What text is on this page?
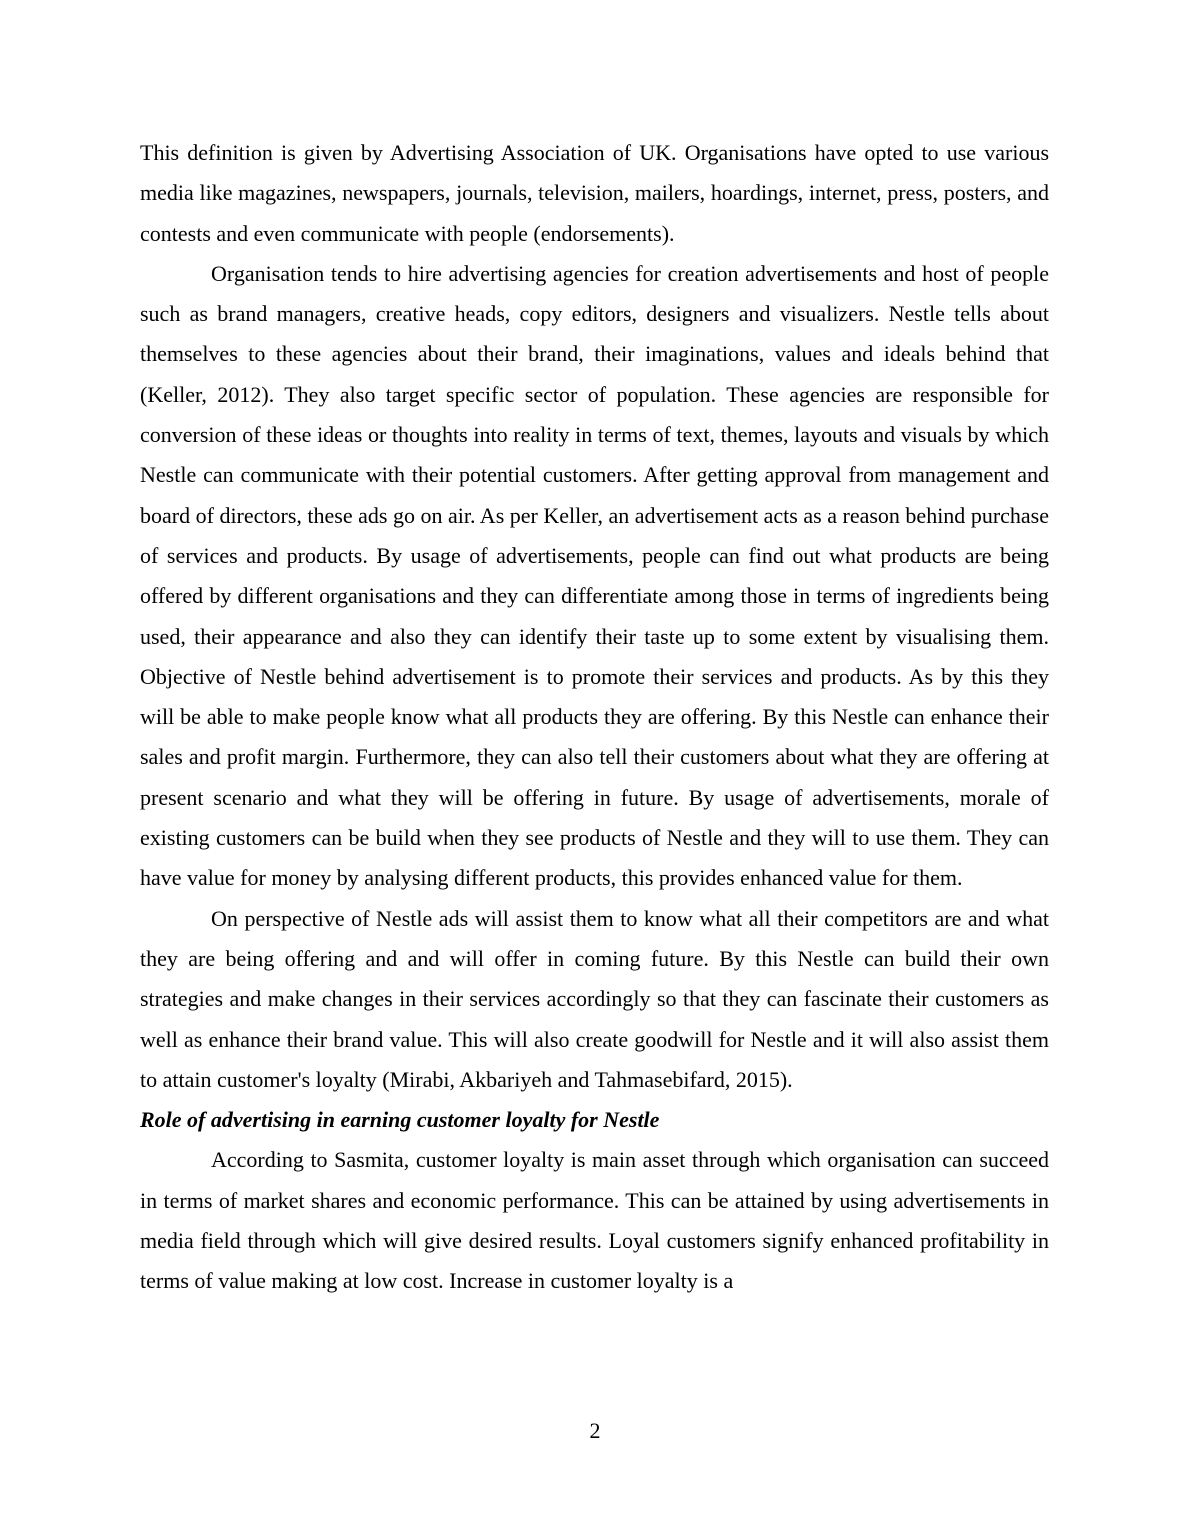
This definition is given by Advertising Association of UK. Organisations have opted to use various media like magazines, newspapers, journals, television, mailers, hoardings, internet, press, posters, and contests and even communicate with people (endorsements).

Organisation tends to hire advertising agencies for creation advertisements and host of people such as brand managers, creative heads, copy editors, designers and visualizers. Nestle tells about themselves to these agencies about their brand, their imaginations, values and ideals behind that (Keller, 2012). They also target specific sector of population. These agencies are responsible for conversion of these ideas or thoughts into reality in terms of text, themes, layouts and visuals by which Nestle can communicate with their potential customers. After getting approval from management and board of directors, these ads go on air. As per Keller, an advertisement acts as a reason behind purchase of services and products. By usage of advertisements, people can find out what products are being offered by different organisations and they can differentiate among those in terms of ingredients being used, their appearance and also they can identify their taste up to some extent by visualising them. Objective of Nestle behind advertisement is to promote their services and products. As by this they will be able to make people know what all products they are offering. By this Nestle can enhance their sales and profit margin. Furthermore, they can also tell their customers about what they are offering at present scenario and what they will be offering in future. By usage of advertisements, morale of existing customers can be build when they see products of Nestle and they will to use them. They can have value for money by analysing different products, this provides enhanced value for them.

On perspective of Nestle ads will assist them to know what all their competitors are and what they are being offering and and will offer in coming future. By this Nestle can build their own strategies and make changes in their services accordingly so that they can fascinate their customers as well as enhance their brand value. This will also create goodwill for Nestle and it will also assist them to attain customer's loyalty (Mirabi, Akbariyeh and Tahmasebifard, 2015).

Role of advertising in earning customer loyalty for Nestle

According to Sasmita, customer loyalty is main asset through which organisation can succeed in terms of market shares and economic performance. This can be attained by using advertisements in media field through which will give desired results. Loyal customers signify enhanced profitability in terms of value making at low cost. Increase in customer loyalty is a

2
